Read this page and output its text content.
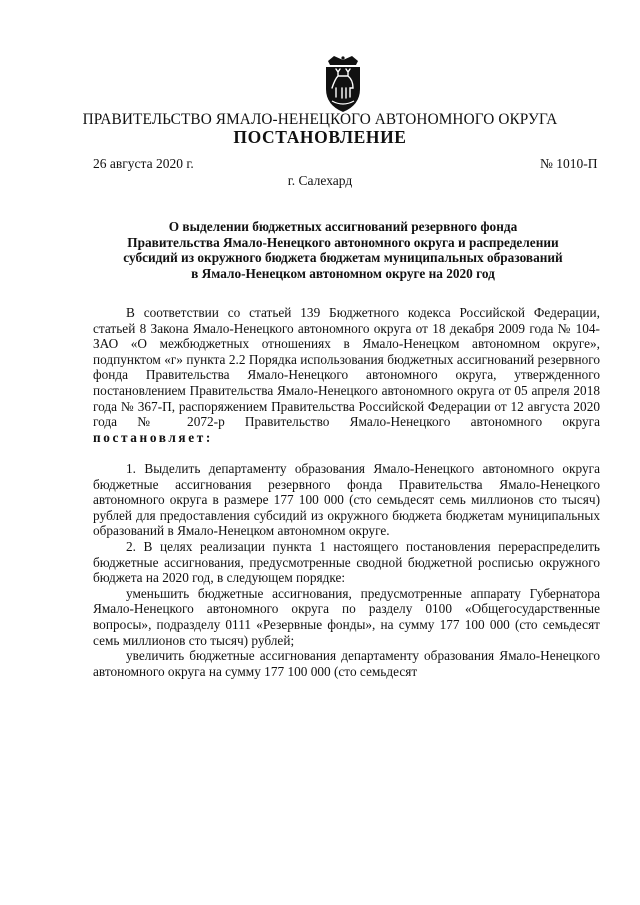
ПРАВИТЕЛЬСТВО ЯМАЛО-НЕНЕЦКОГО АВТОНОМНОГО ОКРУГА
ПОСТАНОВЛЕНИЕ
26 августа 2020 г.	№ 1010-П
г. Салехард
О выделении бюджетных ассигнований резервного фонда
Правительства Ямало-Ненецкого автономного округа и распределении
субсидий из окружного бюджета бюджетам муниципальных образований
в Ямало-Ненецком автономном округе на 2020 год

В соответствии со статьей 139 Бюджетного кодекса Российской Федерации, статьей 8 Закона Ямало-Ненецкого автономного округа от 18 декабря 2009 года № 104-ЗАО «О межбюджетных отношениях в Ямало-Ненецком автономном округе», подпунктом «г» пункта 2.2 Порядка использования бюджетных ассигнований резервного фонда Правительства Ямало-Ненецкого автономного округа, утвержденного постановлением Правительства Ямало-Ненецкого автономного округа от 05 апреля 2018 года № 367-П, распоряжением Правительства Российской Федерации от 12 августа 2020 года № 2072-р Правительство Ямало-Ненецкого автономного округа постановляет:

1. Выделить департаменту образования Ямало-Ненецкого автономного округа бюджетные ассигнования резервного фонда Правительства Ямало-Ненецкого автономного округа в размере 177 100 000 (сто семьдесят семь миллионов сто тысяч) рублей для предоставления субсидий из окружного бюджета бюджетам муниципальных образований в Ямало-Ненецком автономном округе.

2. В целях реализации пункта 1 настоящего постановления перераспределить бюджетные ассигнования, предусмотренные сводной бюджетной росписью окружного бюджета на 2020 год, в следующем порядке:

уменьшить бюджетные ассигнования, предусмотренные аппарату Губернатора Ямало-Ненецкого автономного округа по разделу 0100 «Общегосударственные вопросы», подразделу 0111 «Резервные фонды», на сумму 177 100 000 (сто семьдесят семь миллионов сто тысяч) рублей;

увеличить бюджетные ассигнования департаменту образования Ямало-Ненецкого автономного округа на сумму 177 100 000 (сто семьдесят
